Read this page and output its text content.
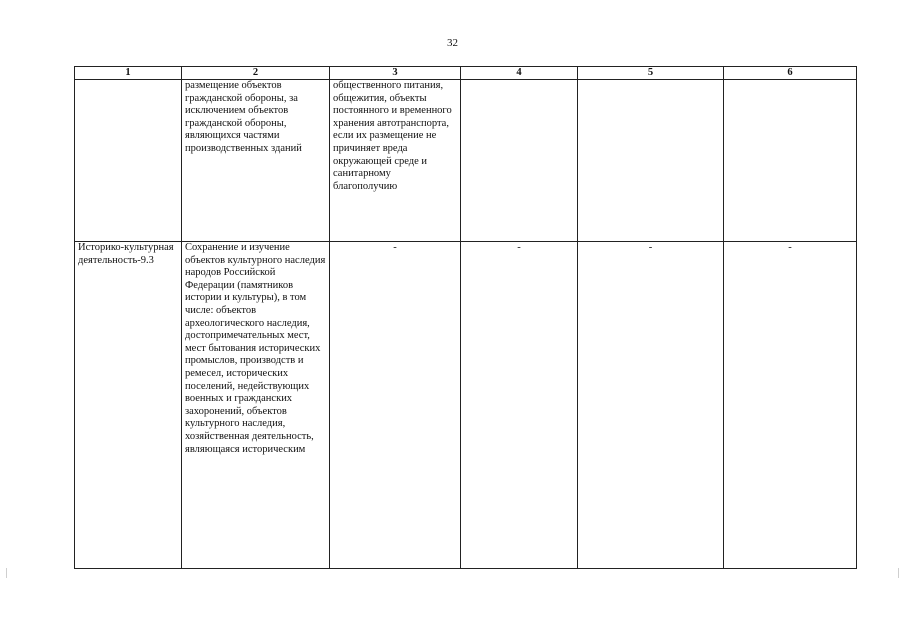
32
1	2	3	4	5	6

	размещение объектов гражданской обороны, за исключением объектов гражданской обороны, являющихся частями производственных зданий	общественного питания, общежития, объекты постоянного и временного хранения автотранспорта, если их размещение не причиняет вреда окружающей среде и санитарному благополучию			

Историко-культурная деятельность-9.3	Сохранение и изучение объектов культурного наследия народов Российской Федерации (памятников истории и культуры), в том числе: объектов археологического наследия, достопримечательных мест, мест бытования исторических промыслов, производств и ремесел, исторических поселений, недействующих военных и гражданских захоронений, объектов культурного наследия, хозяйственная деятельность, являющаяся историческим	-	-	-	-
